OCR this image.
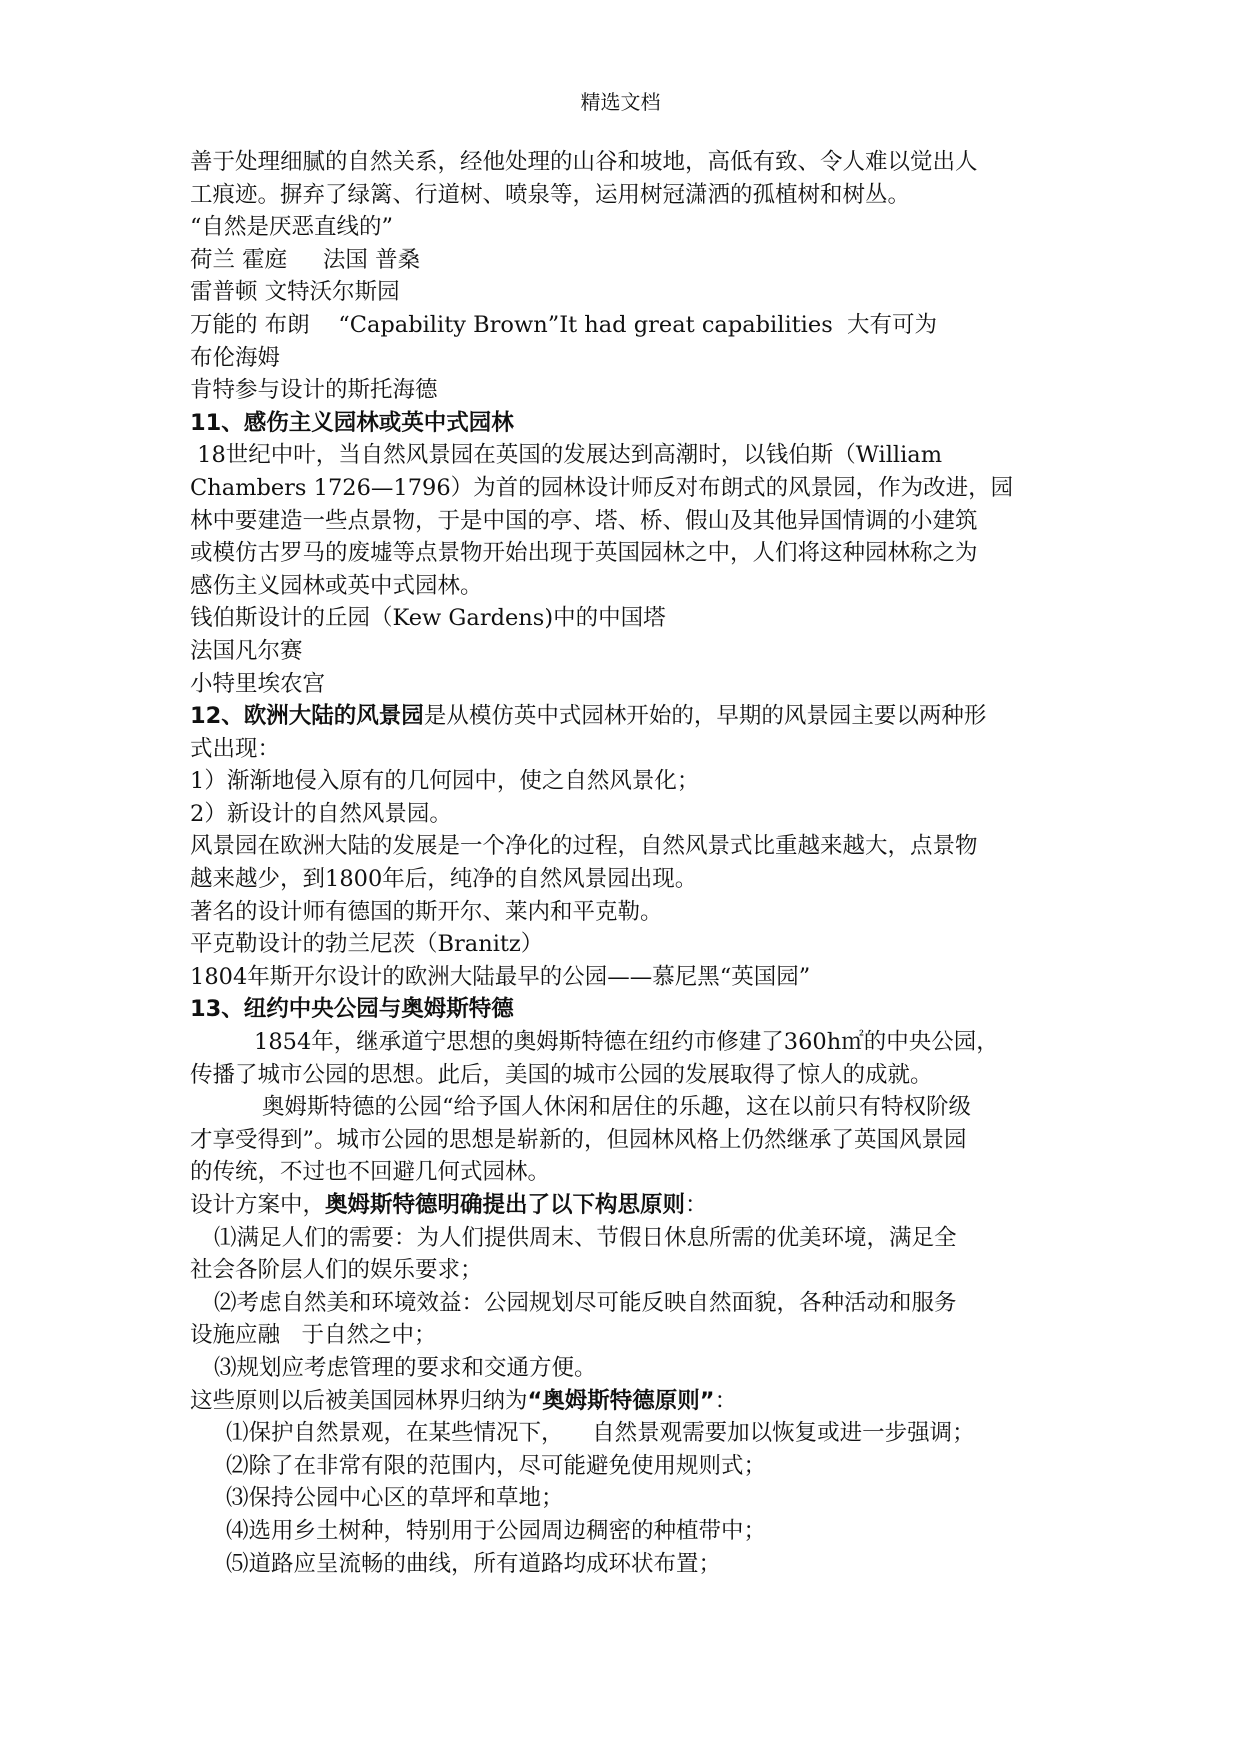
精选文档
善于处理细腻的自然关系，经他处理的山谷和坡地，高低有致、令人难以觉出人
工痕迹。摒弃了绿篱、行道树、喷泉等，运用树冠潇洒的孤植树和树丛。
“自然是厌恶直线的”
荷兰 霍庭     法国 普桑
雷普顿 文特沃尔斯园
万能的 布朗    “Capability Brown”It had great capabilities  大有可为
布伦海姆
肯特参与设计的斯托海德
11、感伤主义园林或英中式园林
18世纪中叶，当自然风景园在英国的发展达到高潮时，以钱伯斯（William
Chambers 1726—1796）为首的园林设计师反对布朗式的风景园，作为改进，园
林中要建造一些点景物，于是中国的亭、塔、桥、假山及其他异国情调的小建筑
或模仿古罗马的废墟等点景物开始出现于英国园林之中，人们将这种园林称之为
感伤主义园林或英中式园林。
钱伯斯设计的丘园（Kew Gardens)中的中国塔
法国凡尔赛
小特里埃农宫
12、欧洲大陆的风景园是从模仿英中式园林开始的，早期的风景园主要以两种形
式出现：
1）渐渐地侵入原有的几何园中，使之自然风景化；
2）新设计的自然风景园。
风景园在欧洲大陆的发展是一个净化的过程，自然风景式比重越来越大，点景物
越来越少，到1800年后，纯净的自然风景园出现。
著名的设计师有德国的斯开尔、莱内和平克勒。
平克勒设计的勃兰尼茨（Branitz）
1804年斯开尔设计的欧洲大陆最早的公园——慕尼黑“英国园”
13、纽约中央公园与奥姆斯特德
1854年，继承道宁思想的奥姆斯特德在纽约市修建了360h㎡的中央公园，
传播了城市公园的思想。此后，美国的城市公园的发展取得了惊人的成就。
奥姆斯特德的公园“给予国人休闲和居住的乐趣，这在以前只有特权阶级
才享受得到”。城市公园的思想是崭新的，但园林风格上仍然继承了英国风景园
的传统，不过也不回避几何式园林。
设计方案中，奥姆斯特德明确提出了以下构思原则：
⑴满足人们的需要：为人们提供周末、节假日休息所需的优美环境，满足全
社会各阶层人们的娱乐要求；
⑵考虑自然美和环境效益：公园规划尽可能反映自然面貌，各种活动和服务
设施应融   于自然之中；
⑶规划应考虑管理的要求和交通方便。
这些原则以后被美国园林界归纳为“奥姆斯特德原则”：
⑴保护自然景观，在某些情况下，    自然景观需要加以恢复或进一步强调；
⑵除了在非常有限的范围内，尽可能避免使用规则式；
⑶保持公园中心区的草坪和草地；
⑷选用乡土树种，特别用于公园周边稠密的种植带中；
⑸道路应呈流畅的曲线，所有道路均成环状布置；
